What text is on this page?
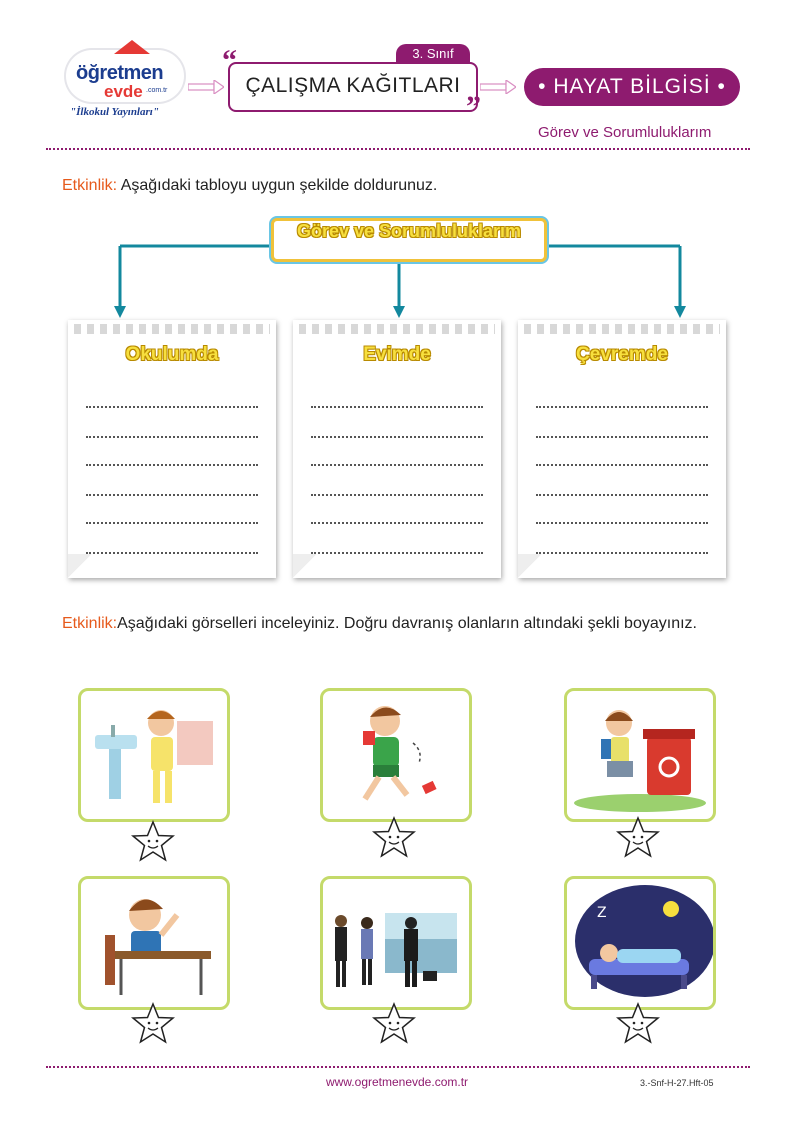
öğretmen
evde .com.tr
"İlkokul Yayınları"
3. Sınıf
ÇALIŞMA KAĞITLARI
“
”
• HAYAT BİLGİSİ •
Görev ve Sorumluluklarım
Etkinlik: Aşağıdaki tabloyu uygun şekilde doldurunuz.
Görev ve Sorumluluklarım
Okulumda	Evimde	Çevremde
Etkinlik:Aşağıdaki görselleri inceleyiniz. Doğru davranış olanların altındaki şekli boyayınız.
Z
www.ogretmenevde.com.tr	3.-Snf-H-27.Hft-05
